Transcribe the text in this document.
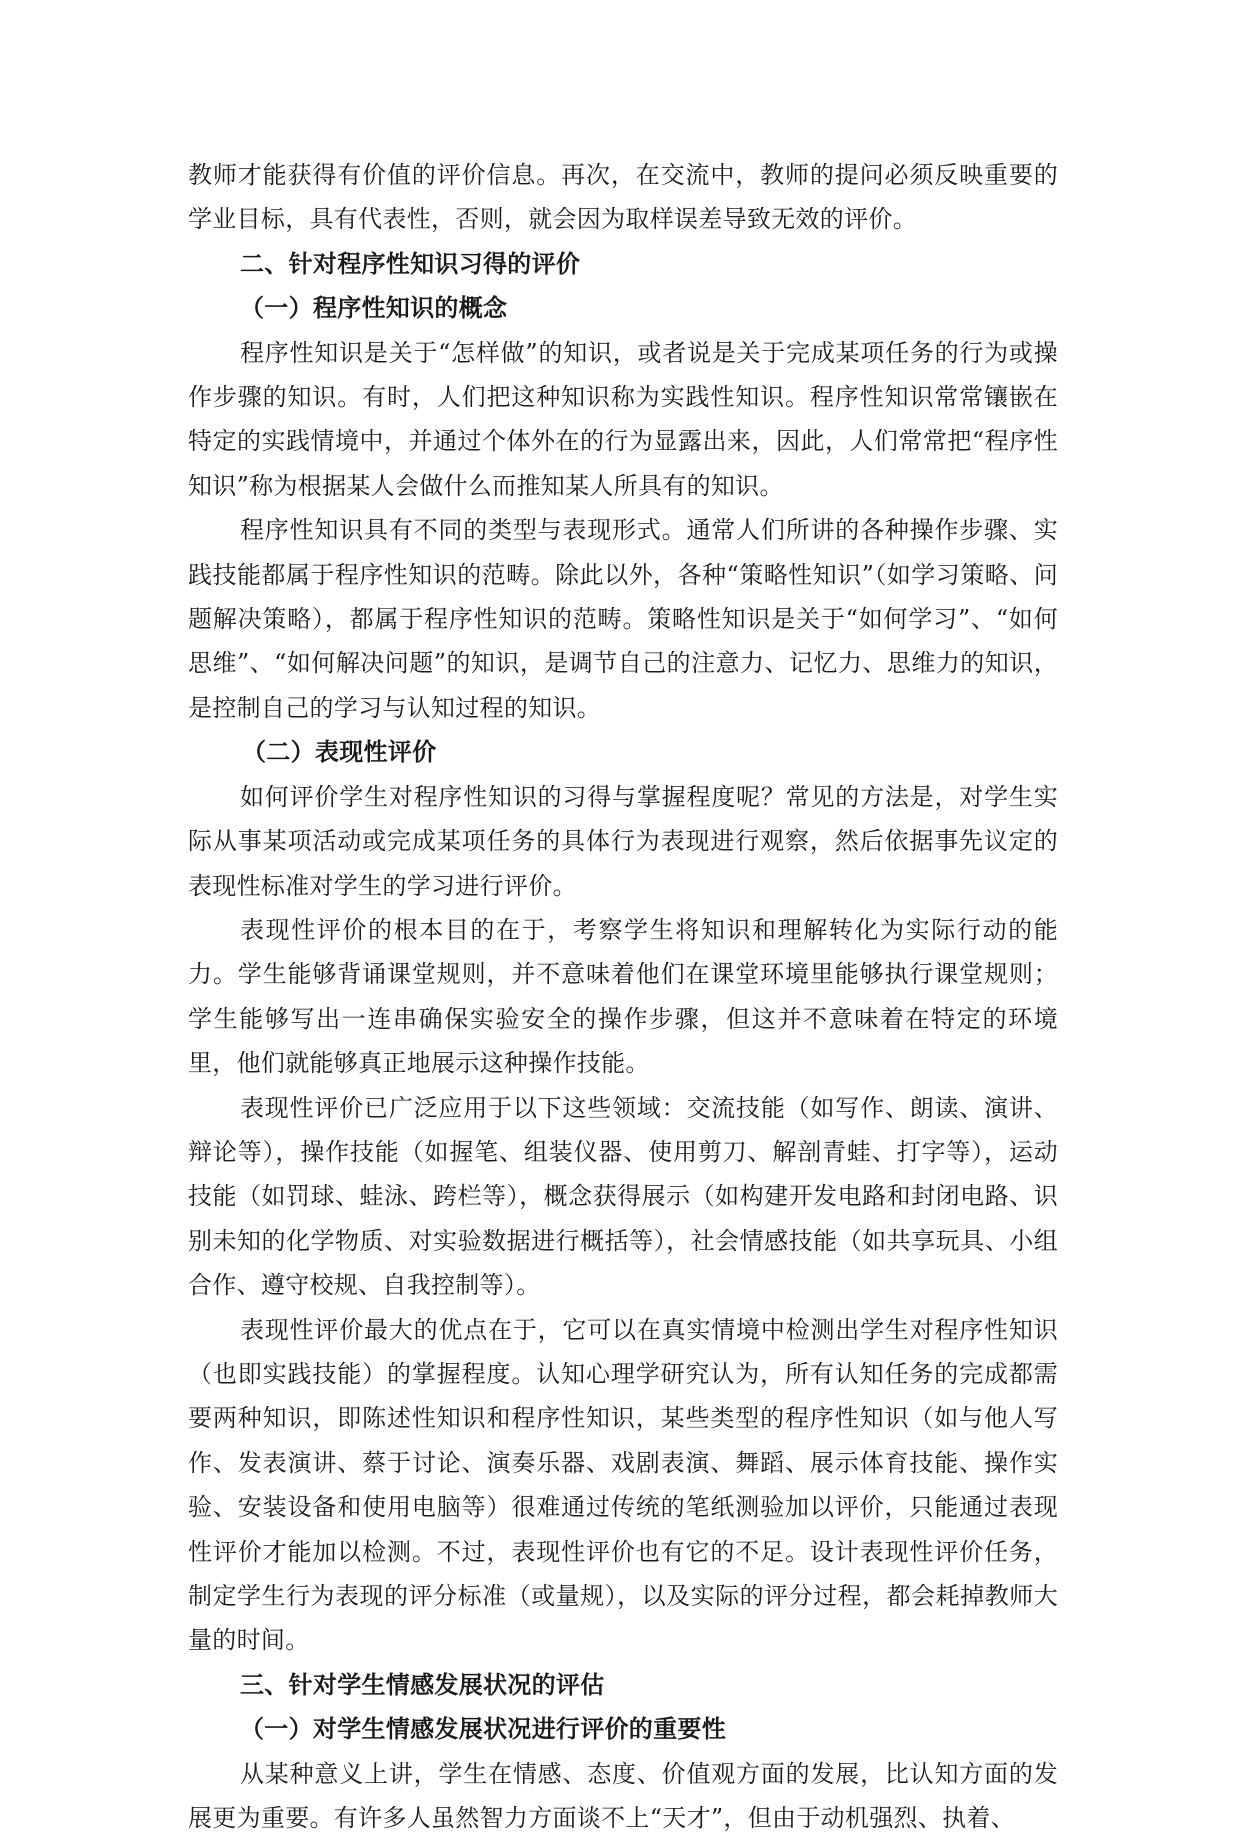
教师才能获得有价值的评价信息。再次，在交流中，教师的提问必须反映重要的学业目标，具有代表性，否则，就会因为取样误差导致无效的评价。

二、针对程序性知识习得的评价

（一）程序性知识的概念

程序性知识是关于“怎样做”的知识，或者说是关于完成某项任务的行为或操作步骤的知识。有时，人们把这种知识称为实践性知识。程序性知识常常镶嵌在特定的实践情境中，并通过个体外在的行为显露出来，因此，人们常常把“程序性知识”称为根据某人会做什么而推知某人所具有的知识。

程序性知识具有不同的类型与表现形式。通常人们所讲的各种操作步骤、实践技能都属于程序性知识的范畴。除此以外，各种“策略性知识”（如学习策略、问题解决策略），都属于程序性知识的范畴。策略性知识是关于“如何学习”、“如何思维”、“如何解决问题”的知识，是调节自己的注意力、记忆力、思维力的知识，是控制自己的学习与认知过程的知识。

（二）表现性评价

如何评价学生对程序性知识的习得与掌握程度呢？常见的方法是，对学生实际从事某项活动或完成某项任务的具体行为表现进行观察，然后依据事先议定的表现性标准对学生的学习进行评价。

表现性评价的根本目的在于，考察学生将知识和理解转化为实际行动的能力。学生能够背诵课堂规则，并不意味着他们在课堂环境里能够执行课堂规则；学生能够写出一连串确保实验安全的操作步骤，但这并不意味着在特定的环境里，他们就能够真正地展示这种操作技能。

表现性评价已广泛应用于以下这些领域：交流技能（如写作、朗读、演讲、辩论等），操作技能（如握笔、组装仪器、使用剪刀、解剖青蛙、打字等），运动技能（如罚球、蛙泳、跨栏等），概念获得展示（如构建开发电路和封闭电路、识别未知的化学物质、对实验数据进行概括等），社会情感技能（如共享玩具、小组合作、遵守校规、自我控制等）。

表现性评价最大的优点在于，它可以在真实情境中检测出学生对程序性知识（也即实践技能）的掌握程度。认知心理学研究认为，所有认知任务的完成都需要两种知识，即陈述性知识和程序性知识，某些类型的程序性知识（如与他人写作、发表演讲、蔡于讨论、演奏乐器、戏剧表演、舞蹈、展示体育技能、操作实验、安装设备和使用电脑等）很难通过传统的笔纸测验加以评价，只能通过表现性评价才能加以检测。不过，表现性评价也有它的不足。设计表现性评价任务，制定学生行为表现的评分标准（或量规），以及实际的评分过程，都会耗掉教师大量的时间。

三、针对学生情感发展状况的评估

（一）对学生情感发展状况进行评价的重要性

从某种意义上讲，学生在情感、态度、价值观方面的发展，比认知方面的发展更为重要。有许多人虽然智力方面谈不上“天才”，但由于动机强烈、执着、
